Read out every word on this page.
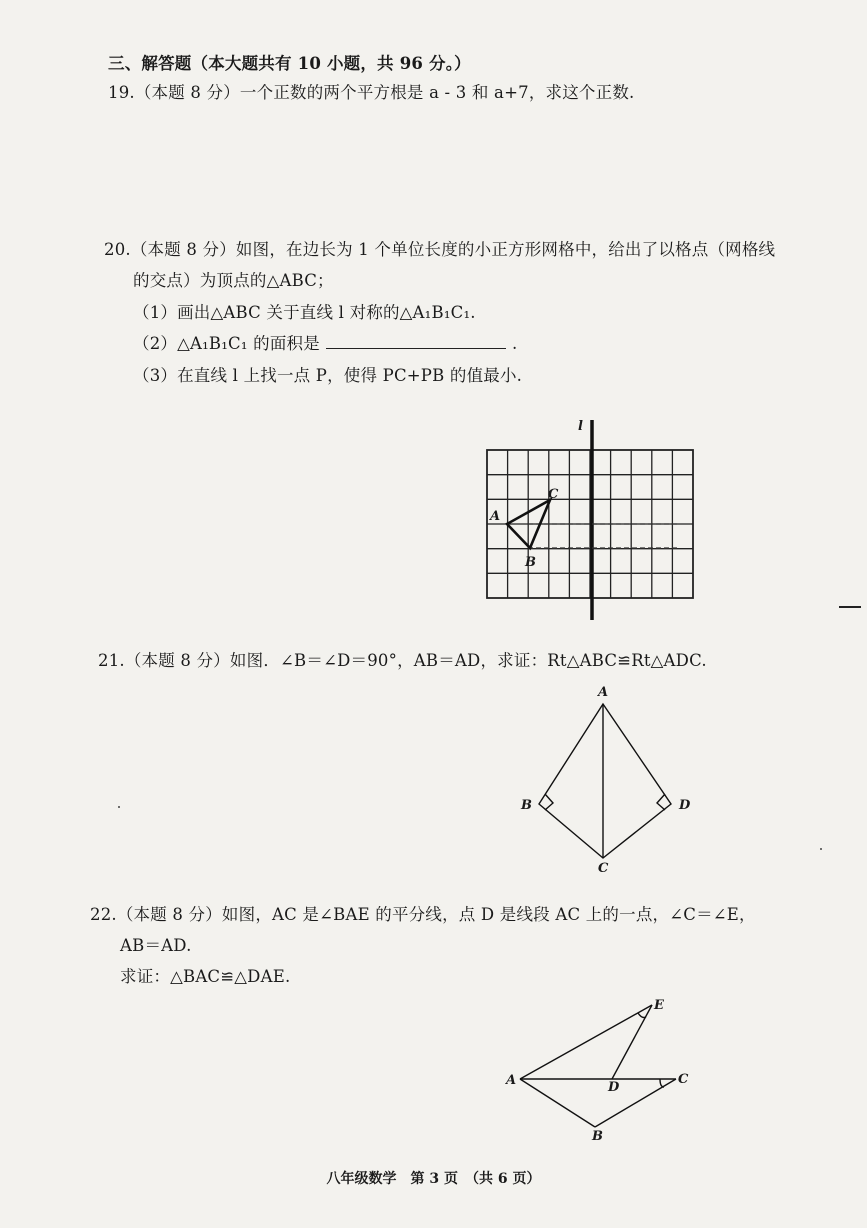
三、解答题（本大题共有 10 小题，共 96 分。）
19.（本题 8 分）一个正数的两个平方根是 a - 3 和 a+7，求这个正数.
20.（本题 8 分）如图，在边长为 1 个单位长度的小正方形网格中，给出了以格点（网格线
的交点）为顶点的△ABC；
（1）画出△ABC 关于直线 l 对称的△A₁B₁C₁.
（2）△A₁B₁C₁ 的面积是	.
（3）在直线 l 上找一点 P，使得 PC+PB 的值最小.
l
A
B
C
21.（本题 8 分）如图．∠B＝∠D＝90°，AB＝AD，求证：Rt△ABC≌Rt△ADC.
A
B
C
D
22.（本题 8 分）如图，AC 是∠BAE 的平分线，点 D 是线段 AC 上的一点，∠C＝∠E，
AB＝AD.
求证：△BAC≌△DAE.
A
B
C
D
E
八年级数学　第 3 页　（共 6 页）
